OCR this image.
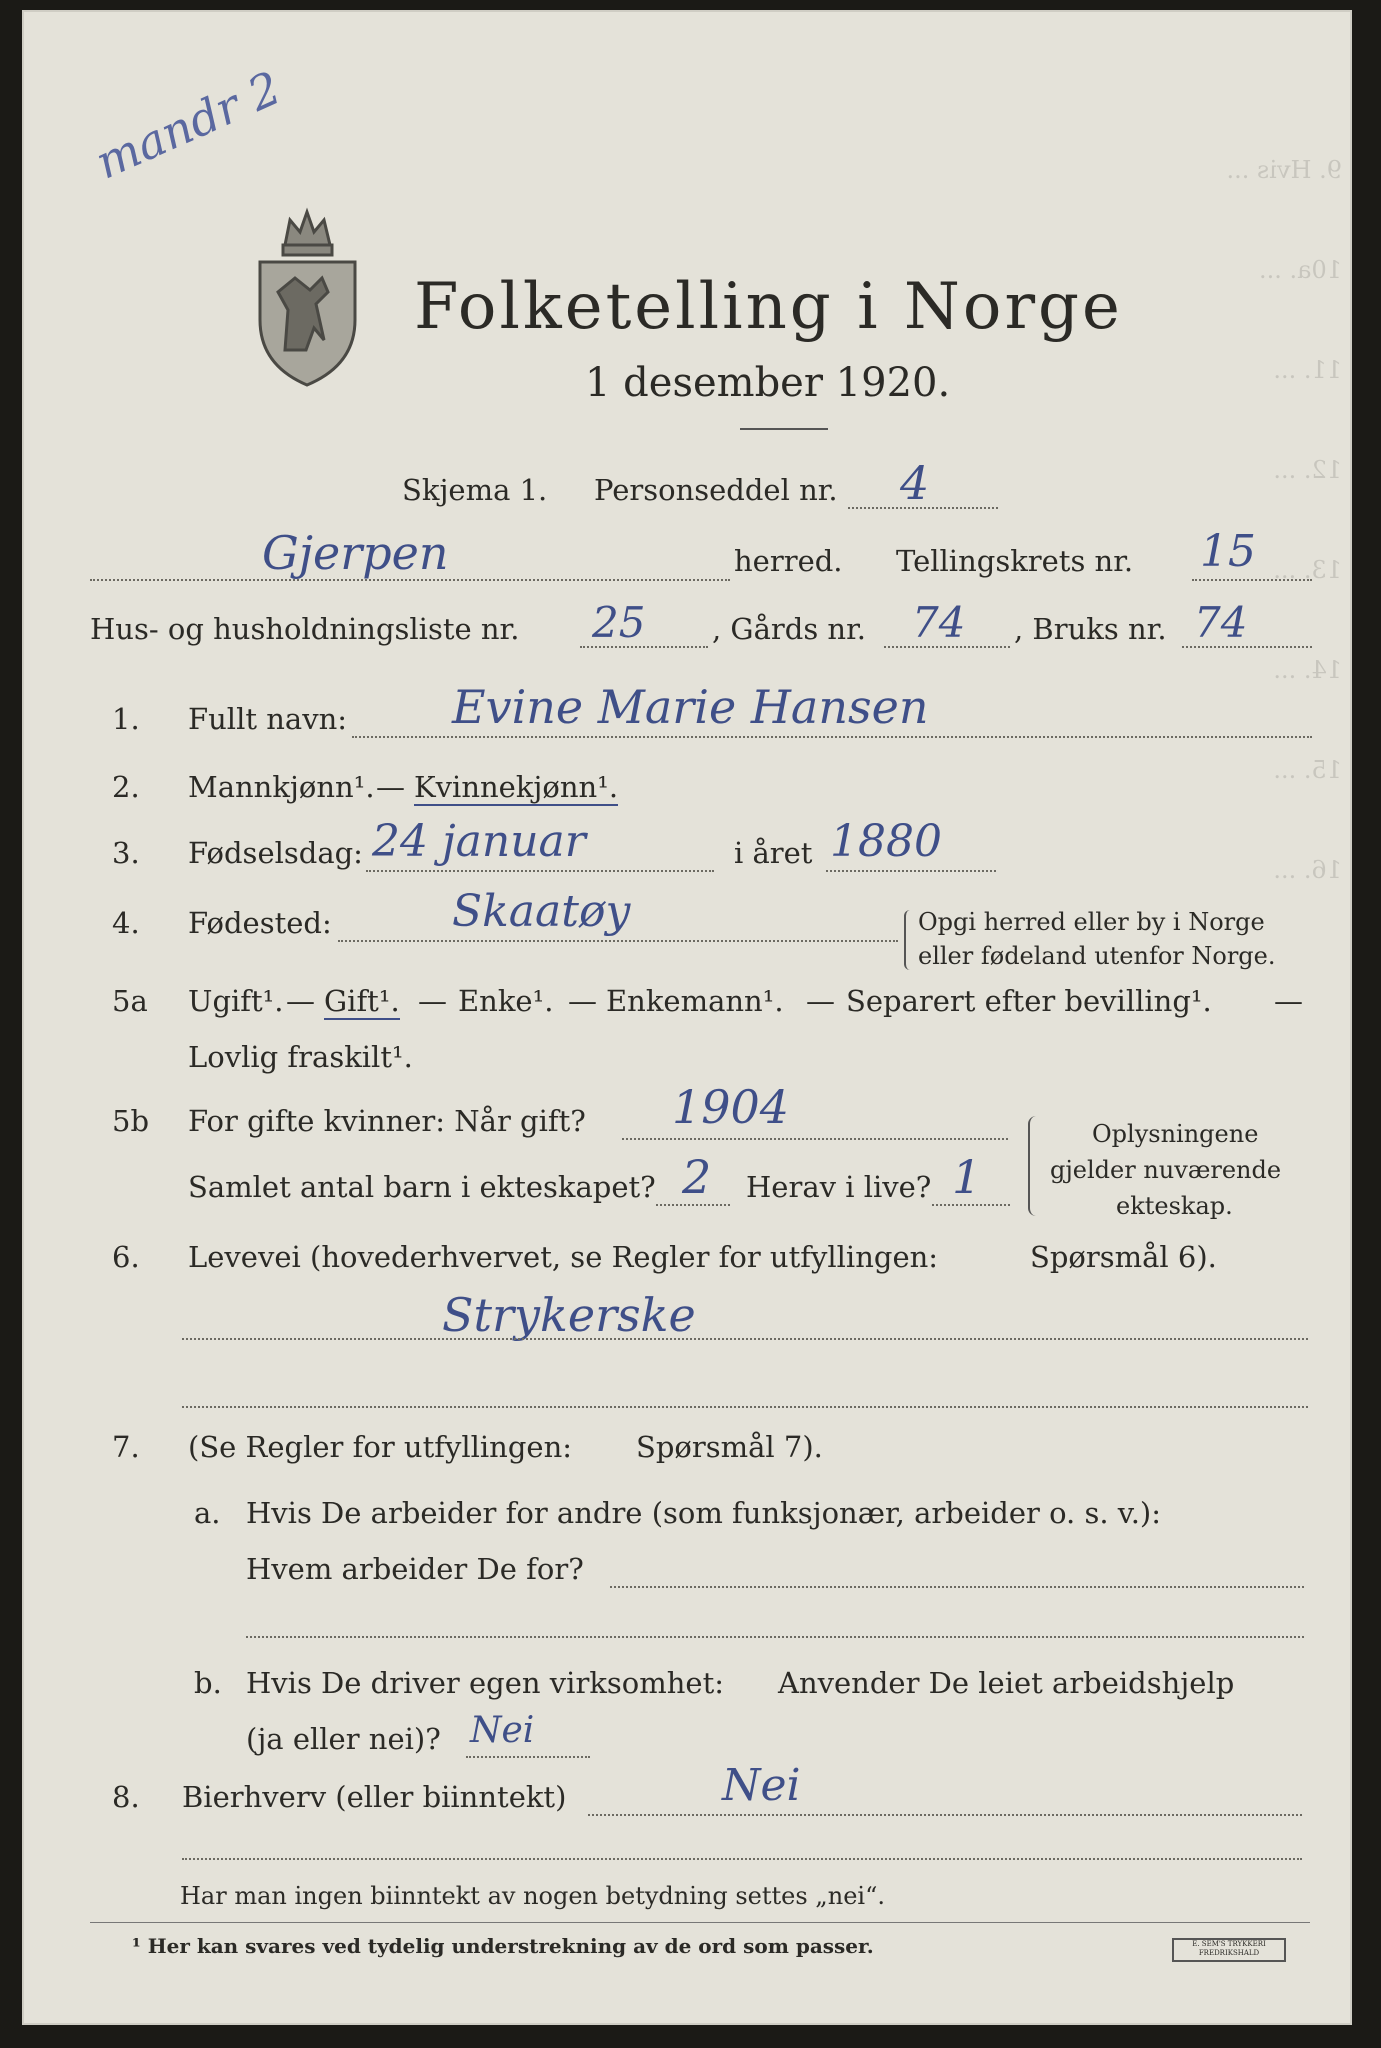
9. Hvis ...
10a. ...
11. ...
12. ...
13. ...
14. ...
15. ...
16. ...
mandr 2
Folketelling i Norge
1 desember 1920.
Skjema 1. Personseddel nr. 4
Gjerpen	herred. Tellingskrets nr. 15
Hus- og husholdningsliste nr. 25 , Gårds nr. 74 , Bruks nr. 74
1. Fullt navn: Evine Marie Hansen
2. Mannkjønn¹. — Kvinnekjønn¹.
3. Fødselsdag: 24 januar	i året 1880
4. Fødested:	Skaatøy	Opgi herred eller by i Norge
eller fødeland utenfor Norge.
5a Ugift¹. — Gift¹. — Enke¹. — Enkemann¹. — Separert efter bevilling¹. —
Lovlig fraskilt¹.
5b For gifte kvinner: Når gift? 1904
Samlet antal barn i ekteskapet? 2 Herav i live? 1
Oplysningene
gjelder nuværende
ekteskap.
6. Levevei (hovederhvervet, se Regler for utfyllingen:	Spørsmål 6).
Strykerske
7. (Se Regler for utfyllingen: Spørsmål 7).
a. Hvis De arbeider for andre (som funksjonær, arbeider o. s. v.):
Hvem arbeider De for?
b. Hvis De driver egen virksomhet: Anvender De leiet arbeidshjelp
(ja eller nei)? Nei
8. Bierhverv (eller biinntekt)	Nei
Har man ingen biinntekt av nogen betydning settes „nei“.
¹ Her kan svares ved tydelig understrekning av de ord som passer.	E. SEM'S TRYKKERI
FREDRIKSHALD
